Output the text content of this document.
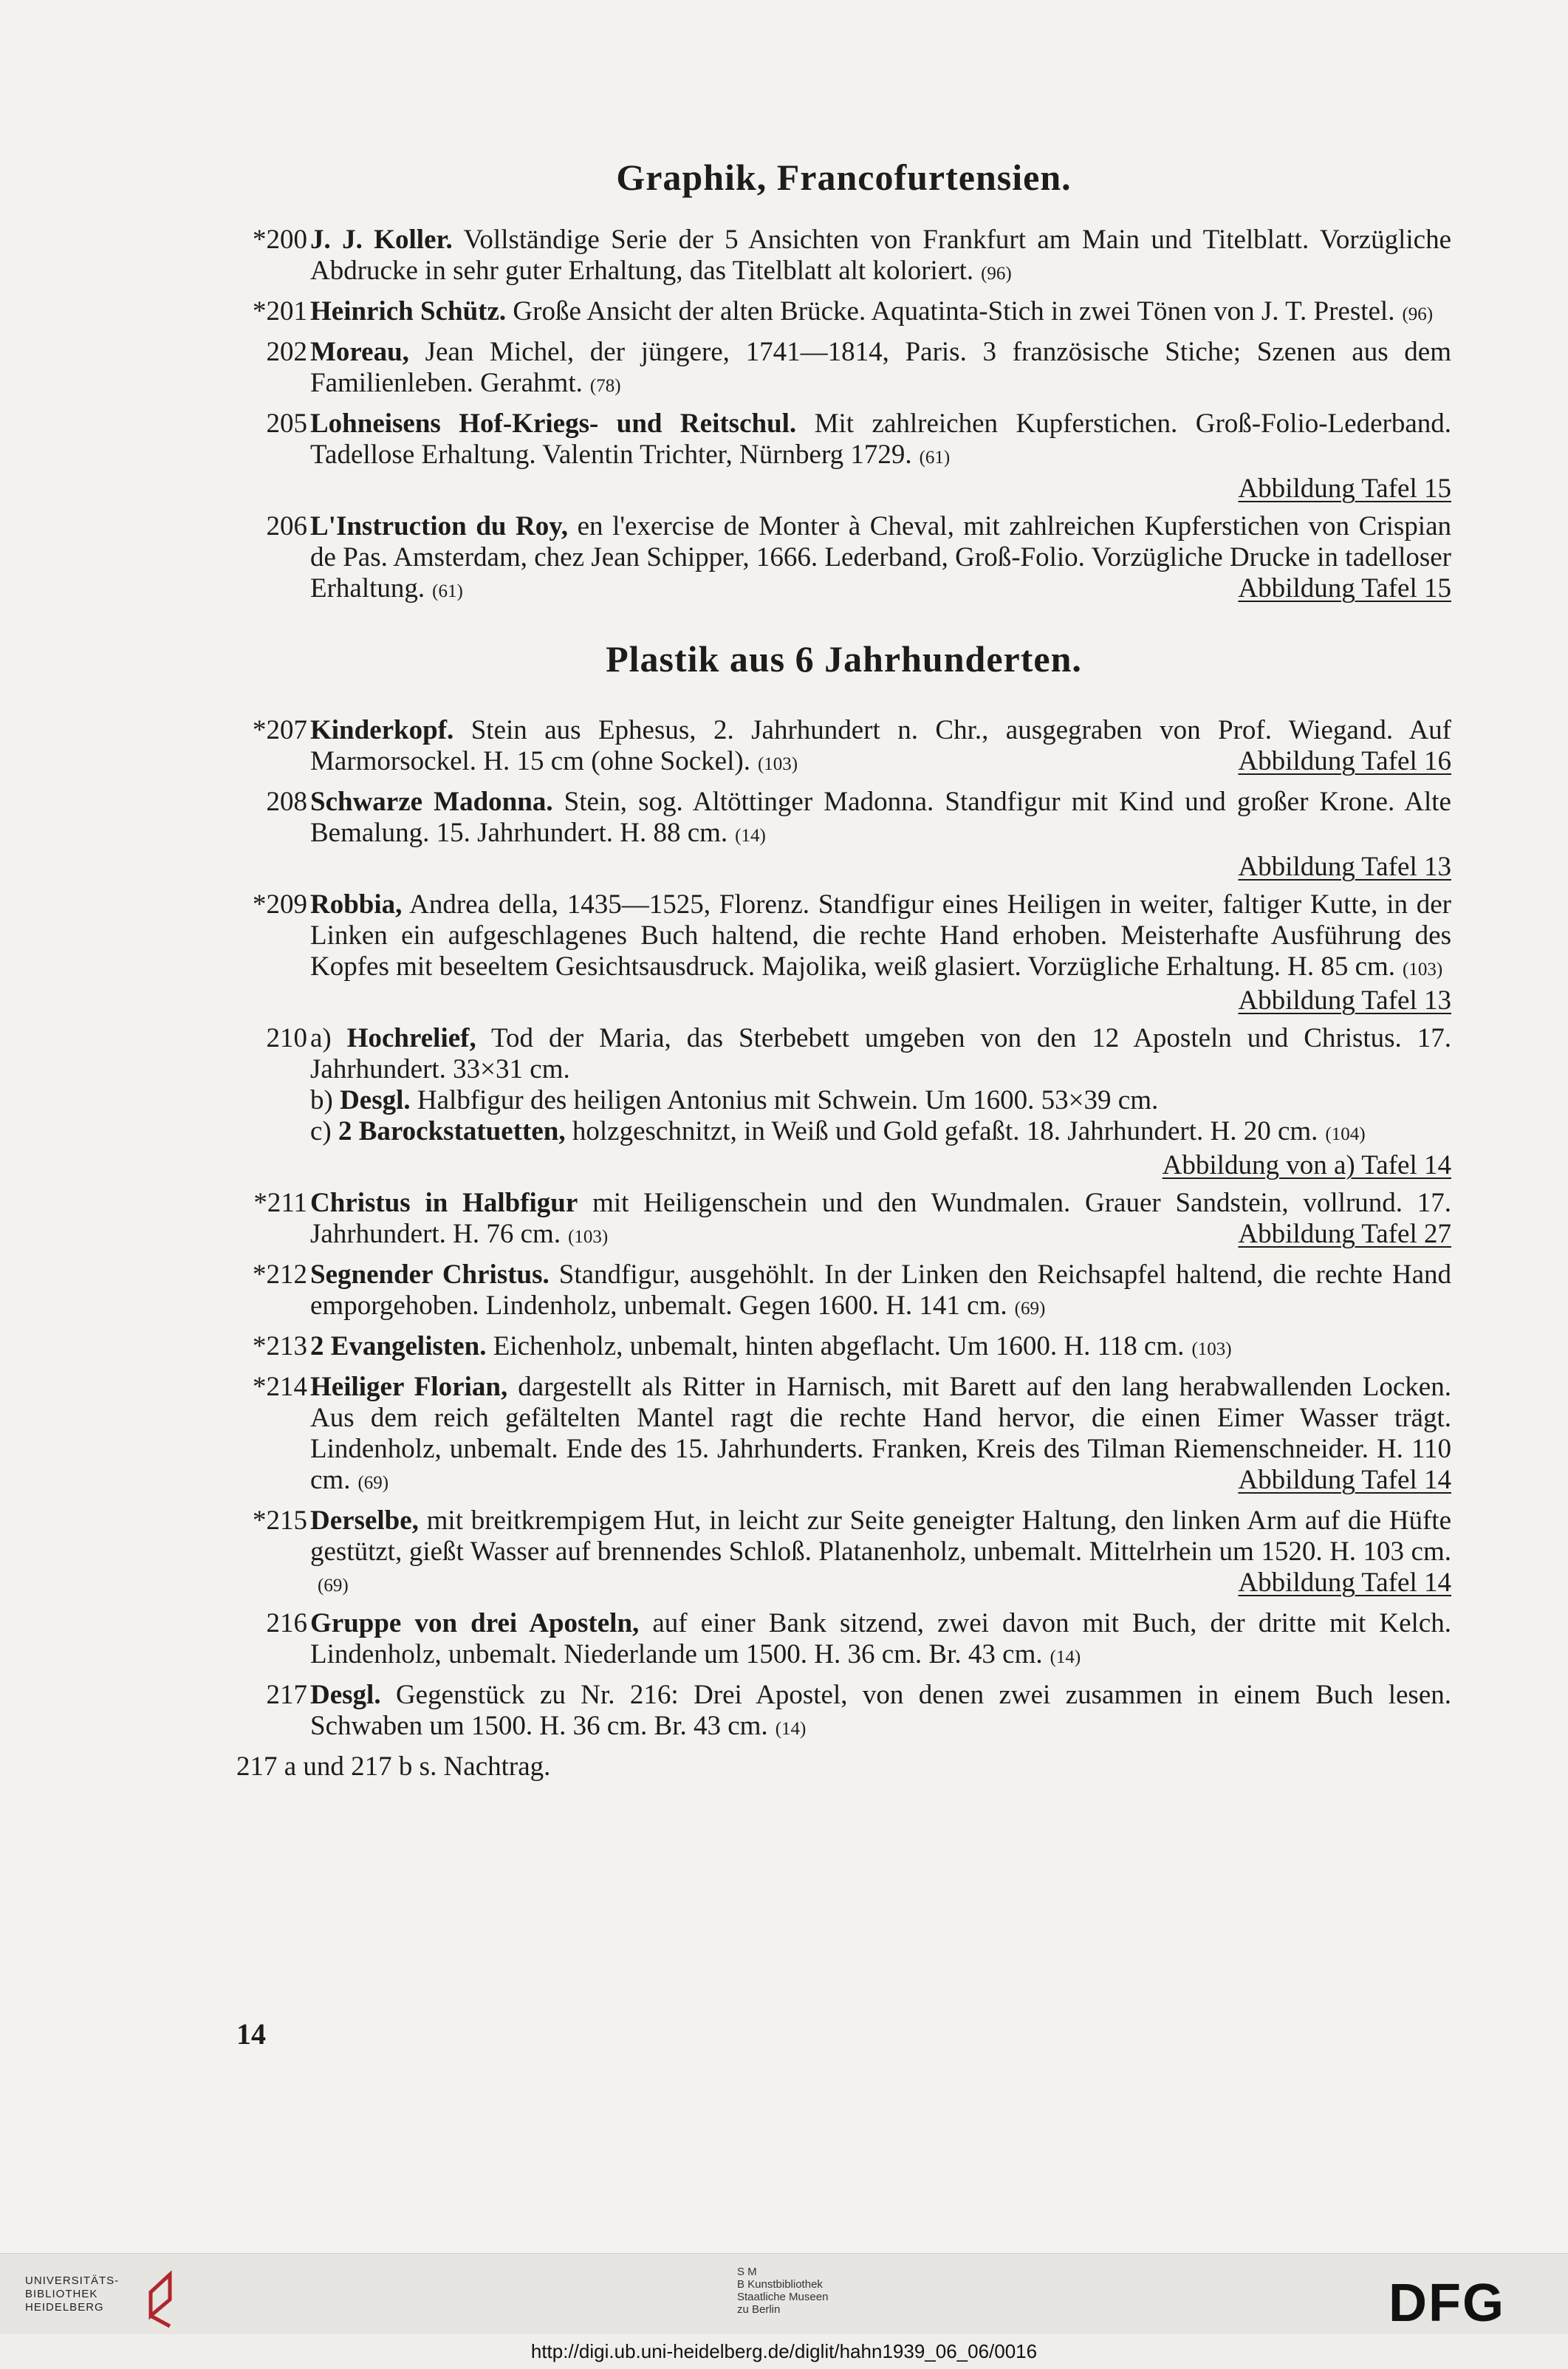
Graphik, Francofurtensien.
*200 J. J. Koller. Vollständige Serie der 5 Ansichten von Frankfurt am Main und Titelblatt. Vorzügliche Abdrucke in sehr guter Erhaltung, das Titelblatt alt koloriert. (96)
*201 Heinrich Schütz. Große Ansicht der alten Brücke. Aquatinta-Stich in zwei Tönen von J. T. Prestel. (96)
202 Moreau, Jean Michel, der jüngere, 1741—1814, Paris. 3 französische Stiche; Szenen aus dem Familienleben. Gerahmt. (78)
205 Lohneisens Hof-Kriegs- und Reitschul. Mit zahlreichen Kupferstichen. Groß-Folio-Lederband. Tadellose Erhaltung. Valentin Trichter, Nürnberg 1729. (61)
Abbildung Tafel 15
206 L'Instruction du Roy, en l'exercise de Monter à Cheval, mit zahlreichen Kupferstichen von Crispian de Pas. Amsterdam, chez Jean Schipper, 1666. Lederband, Groß-Folio. Vorzügliche Drucke in tadelloser Erhaltung. (61)	Abbildung Tafel 15
Plastik aus 6 Jahrhunderten.
*207 Kinderkopf. Stein aus Ephesus, 2. Jahrhundert n. Chr., ausgegraben von Prof. Wiegand. Auf Marmorsockel. H. 15 cm (ohne Sockel). (103)	Abbildung Tafel 16
208 Schwarze Madonna. Stein, sog. Altöttinger Madonna. Standfigur mit Kind und großer Krone. Alte Bemalung. 15. Jahrhundert. H. 88 cm. (14)
Abbildung Tafel 13
*209 Robbia, Andrea della, 1435—1525, Florenz. Standfigur eines Heiligen in weiter, faltiger Kutte, in der Linken ein aufgeschlagenes Buch haltend, die rechte Hand erhoben. Meisterhafte Ausführung des Kopfes mit beseeltem Gesichtsausdruck. Majolika, weiß glasiert. Vorzügliche Erhaltung. H. 85 cm. (103)
Abbildung Tafel 13
210 a) Hochrelief, Tod der Maria, das Sterbebett umgeben von den 12 Aposteln und Christus. 17. Jahrhundert. 33×31 cm.
b) Desgl. Halbfigur des heiligen Antonius mit Schwein. Um 1600. 53×39 cm.
c) 2 Barockstatuetten, holzgeschnitzt, in Weiß und Gold gefaßt. 18. Jahrhundert. H. 20 cm. (104)
Abbildung von a) Tafel 14
*211 Christus in Halbfigur mit Heiligenschein und den Wundmalen. Grauer Sandstein, vollrund. 17. Jahrhundert. H. 76 cm. (103)	Abbildung Tafel 27
*212 Segnender Christus. Standfigur, ausgehöhlt. In der Linken den Reichsapfel haltend, die rechte Hand emporgehoben. Lindenholz, unbemalt. Gegen 1600. H. 141 cm. (69)
*213 2 Evangelisten. Eichenholz, unbemalt, hinten abgeflacht. Um 1600. H. 118 cm. (103)
*214 Heiliger Florian, dargestellt als Ritter in Harnisch, mit Barett auf den lang herabwallenden Locken. Aus dem reich gefältelten Mantel ragt die rechte Hand hervor, die einen Eimer Wasser trägt. Lindenholz, unbemalt. Ende des 15. Jahrhunderts. Franken, Kreis des Tilman Riemenschneider. H. 110 cm. (69)	Abbildung Tafel 14
*215 Derselbe, mit breitkrempigem Hut, in leicht zur Seite geneigter Haltung, den linken Arm auf die Hüfte gestützt, gießt Wasser auf brennendes Schloß. Platanenholz, unbemalt. Mittelrhein um 1520. H. 103 cm.(69)	Abbildung Tafel 14
216 Gruppe von drei Aposteln, auf einer Bank sitzend, zwei davon mit Buch, der dritte mit Kelch. Lindenholz, unbemalt. Niederlande um 1500. H. 36 cm. Br. 43 cm. (14)
217 Desgl. Gegenstück zu Nr. 216: Drei Apostel, von denen zwei zusammen in einem Buch lesen. Schwaben um 1500. H. 36 cm. Br. 43 cm. (14)
217 a und 217 b s. Nachtrag.
14
UNIVERSITÄTS-
BIBLIOTHEK
HEIDELBERG
S M
B Kunstbibliothek
Staatliche Museen
zu Berlin	DFG
http://digi.ub.uni-heidelberg.de/diglit/hahn1939_06_06/0016
